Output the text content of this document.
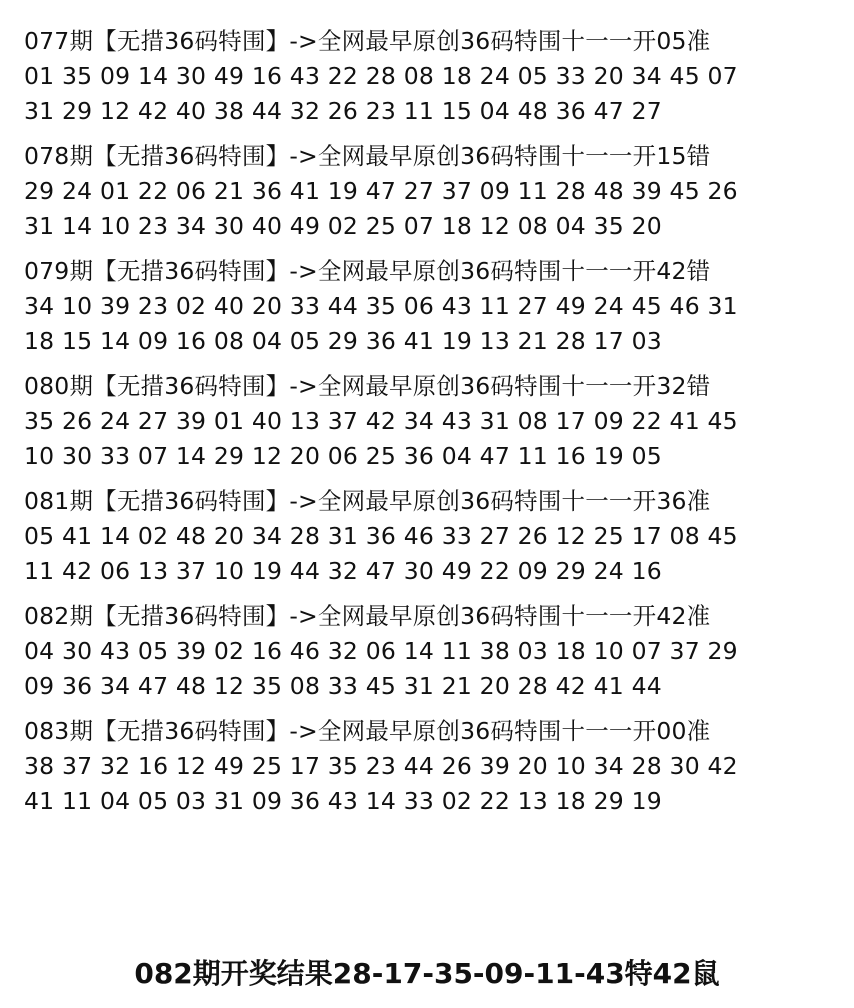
077期【无措36码特围】->全网最早原创36码特围十一一开05准
01 35 09 14 30 49 16 43 22 28 08 18 24 05 33 20 34 45 07
31 29 12 42 40 38 44 32 26 23 11 15 04 48 36 47 27
078期【无措36码特围】->全网最早原创36码特围十一一开15错
29 24 01 22 06 21 36 41 19 47 27 37 09 11 28 48 39 45 26
31 14 10 23 34 30 40 49 02 25 07 18 12 08 04 35 20
079期【无措36码特围】->全网最早原创36码特围十一一开42错
34 10 39 23 02 40 20 33 44 35 06 43 11 27 49 24 45 46 31
18 15 14 09 16 08 04 05 29 36 41 19 13 21 28 17 03
080期【无措36码特围】->全网最早原创36码特围十一一开32错
35 26 24 27 39 01 40 13 37 42 34 43 31 08 17 09 22 41 45
10 30 33 07 14 29 12 20 06 25 36 04 47 11 16 19 05
081期【无措36码特围】->全网最早原创36码特围十一一开36准
05 41 14 02 48 20 34 28 31 36 46 33 27 26 12 25 17 08 45
11 42 06 13 37 10 19 44 32 47 30 49 22 09 29 24 16
082期【无措36码特围】->全网最早原创36码特围十一一开42准
04 30 43 05 39 02 16 46 32 06 14 11 38 03 18 10 07 37 29
09 36 34 47 48 12 35 08 33 45 31 21 20 28 42 41 44
083期【无措36码特围】->全网最早原创36码特围十一一开00准
38 37 32 16 12 49 25 17 35 23 44 26 39 20 10 34 28 30 42
41 11 04 05 03 31 09 36 43 14 33 02 22 13 18 29 19
082期开奖结果28-17-35-09-11-43特42鼠
